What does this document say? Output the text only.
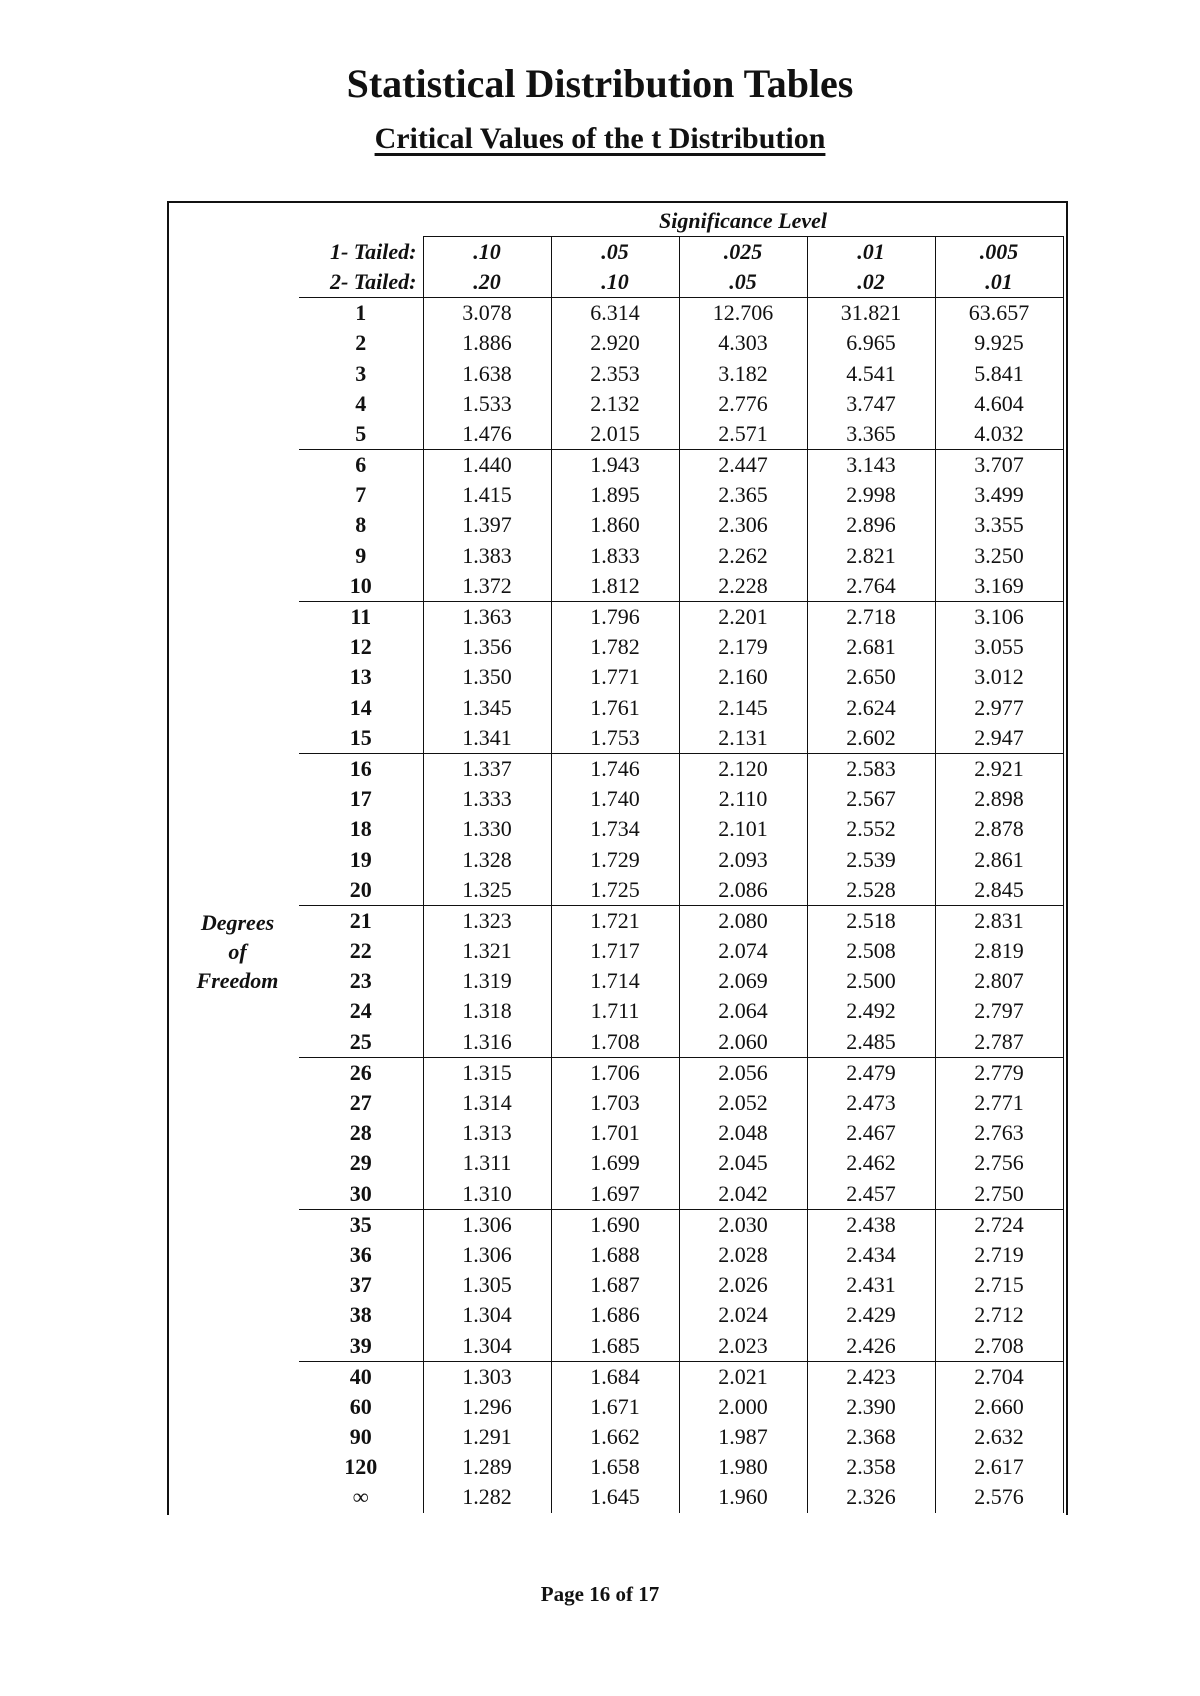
Statistical Distribution Tables
Critical Values of the t Distribution
	Significance Level				
1- Tailed:	.10	.05	.025	.01	.005
2- Tailed:	.20	.10	.05	.02	.01
1	3.078	6.314	12.706	31.821	63.657
2	1.886	2.920	4.303	6.965	9.925
3	1.638	2.353	3.182	4.541	5.841
4	1.533	2.132	2.776	3.747	4.604
5	1.476	2.015	2.571	3.365	4.032
6	1.440	1.943	2.447	3.143	3.707
7	1.415	1.895	2.365	2.998	3.499
8	1.397	1.860	2.306	2.896	3.355
9	1.383	1.833	2.262	2.821	3.250
10	1.372	1.812	2.228	2.764	3.169
11	1.363	1.796	2.201	2.718	3.106
12	1.356	1.782	2.179	2.681	3.055
13	1.350	1.771	2.160	2.650	3.012
14	1.345	1.761	2.145	2.624	2.977
15	1.341	1.753	2.131	2.602	2.947
16	1.337	1.746	2.120	2.583	2.921
17	1.333	1.740	2.110	2.567	2.898
18	1.330	1.734	2.101	2.552	2.878
19	1.328	1.729	2.093	2.539	2.861
20	1.325	1.725	2.086	2.528	2.845
21	1.323	1.721	2.080	2.518	2.831
22	1.321	1.717	2.074	2.508	2.819
23	1.319	1.714	2.069	2.500	2.807
24	1.318	1.711	2.064	2.492	2.797
25	1.316	1.708	2.060	2.485	2.787
26	1.315	1.706	2.056	2.479	2.779
27	1.314	1.703	2.052	2.473	2.771
28	1.313	1.701	2.048	2.467	2.763
29	1.311	1.699	2.045	2.462	2.756
30	1.310	1.697	2.042	2.457	2.750
35	1.306	1.690	2.030	2.438	2.724
36	1.306	1.688	2.028	2.434	2.719
37	1.305	1.687	2.026	2.431	2.715
38	1.304	1.686	2.024	2.429	2.712
39	1.304	1.685	2.023	2.426	2.708
40	1.303	1.684	2.021	2.423	2.704
60	1.296	1.671	2.000	2.390	2.660
90	1.291	1.662	1.987	2.368	2.632
120	1.289	1.658	1.980	2.358	2.617
∞	1.282	1.645	1.960	2.326	2.576
Degrees
of
Freedom
Page 16 of 17
